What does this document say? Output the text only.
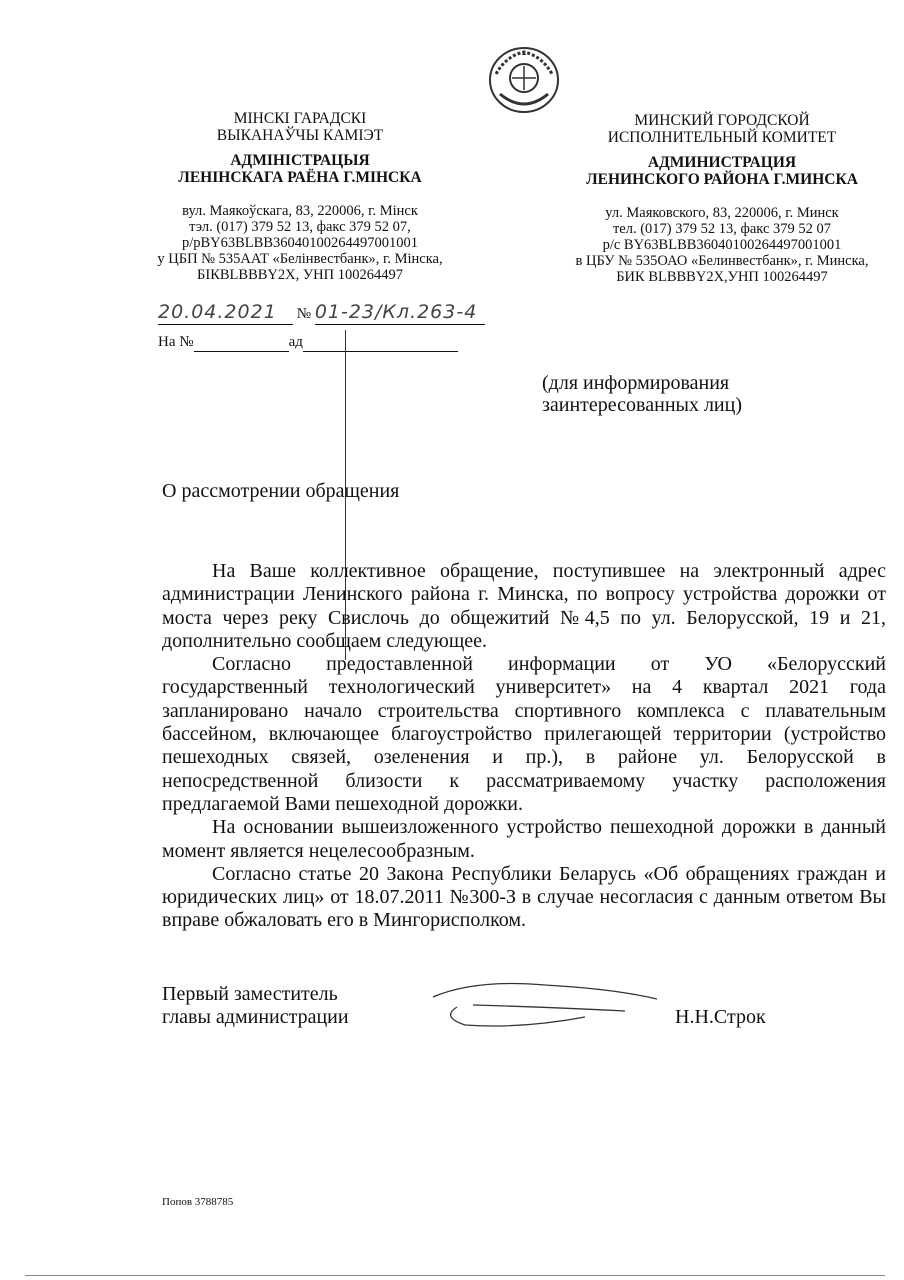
МІНСКІ ГАРАДСКІ
ВЫКАНАЎЧЫ КАМІЭТ
АДМІНІСТРАЦЫЯ
ЛЕНІНСКАГА РАЁНА Г.МІНСКА
вул. Маякоўскага, 83, 220006, г. Мінск
тэл. (017) 379 52 13, факс 379 52 07,
р/рBY63BLBB36040100264497001001
у ЦБП № 535ААТ «Белінвестбанк», г. Мінска,
БІКBLBBBY2X, УНП 100264497
МИНСКИЙ ГОРОДСКОЙ
ИСПОЛНИТЕЛЬНЫЙ КОМИТЕТ
АДМИНИСТРАЦИЯ
ЛЕНИНСКОГО РАЙОНА Г.МИНСКА
ул. Маяковского, 83, 220006, г. Минск
тел. (017) 379 52 13, факс 379 52 07
р/с BY63BLBB36040100264497001001
в ЦБУ № 535ОАО «Белинвестбанк», г. Минска,
БИК BLBBBY2X,УНП 100264497
20.04.2021 № 01-23/Кл.263-4
На №	ад
(для информирования
заинтересованных лиц)
О рассмотрении обращения

На Ваше коллективное обращение, поступившее на электронный адрес администрации Ленинского района г. Минска, по вопросу устройства дорожки от моста через реку Свислочь до общежитий №4,5 по ул. Белорусской, 19 и 21, дополнительно сообщаем следующее.

Согласно предоставленной информации от УО «Белорусский государственный технологический университет» на 4 квартал 2021 года запланировано начало строительства спортивного комплекса с плавательным бассейном, включающее благоустройство прилегающей территории (устройство пешеходных связей, озеленения и пр.), в районе ул. Белорусской в непосредственной близости к рассматриваемому участку расположения предлагаемой Вами пешеходной дорожки.

На основании вышеизложенного устройство пешеходной дорожки в данный момент является нецелесообразным.

Согласно статье 20 Закона Республики Беларусь «Об обращениях граждан и юридических лиц» от 18.07.2011 №300-З в случае несогласия с данным ответом Вы вправе обжаловать его в Мингорисполком.

Первый заместитель
главы администрации	Н.Н.Строк
Попов 3788785
